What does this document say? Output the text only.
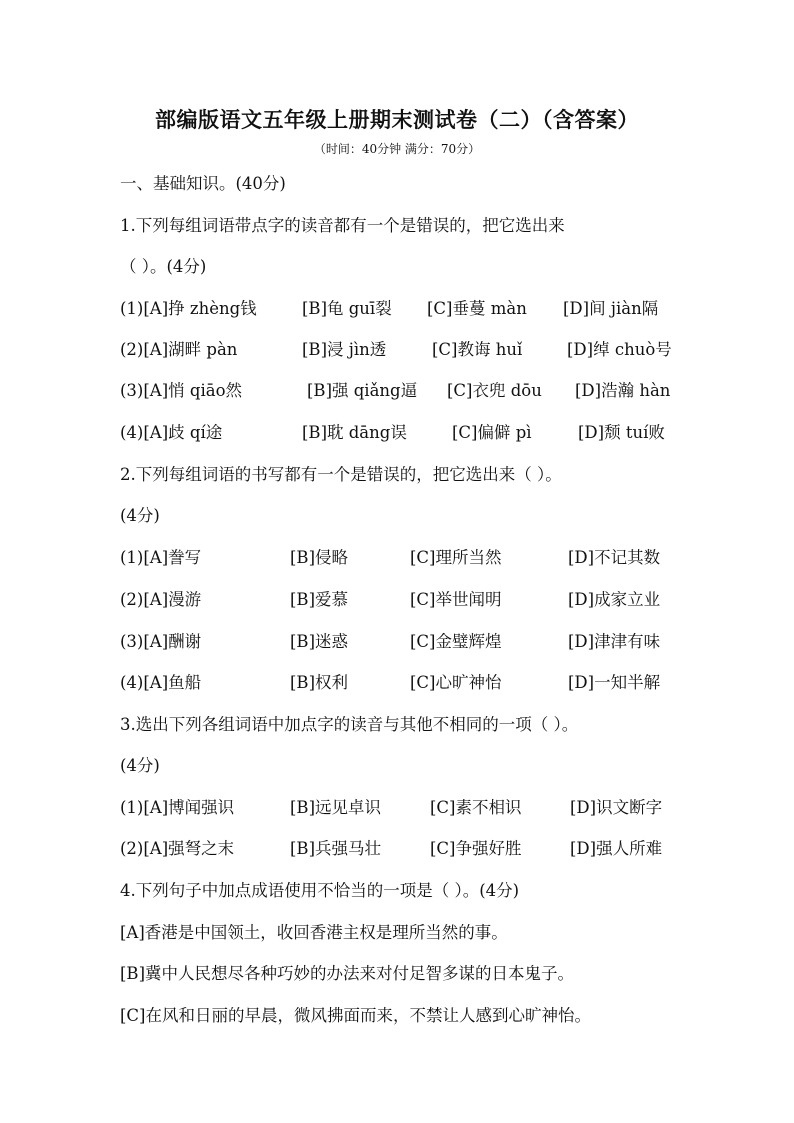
部编版语文五年级上册期末测试卷（二）（含答案）
（时间：40分钟 满分：70分）
一、基础知识。(40分)
1.下列每组词语带点字的读音都有一个是错误的，把它选出来
（ ）。(4分)
(1)[A]挣 zhèng钱	[B]龟 guī裂 [C]垂蔓 màn [D]间 jiàn隔
(2)[A]湖畔 pàn	[B]浸 jìn透	[C]教诲 huǐ	[D]绰 chuò号
(3)[A]悄 qiāo然	[B]强 qiǎng逼 [C]衣兜 dōu [D]浩瀚 hàn
(4)[A]歧 qí途	[B]耽 dāng误	[C]偏僻 pì	[D]颓 tuí败
2.下列每组词语的书写都有一个是错误的，把它选出来（ ）。
(4分)
(1)[A]誊写	[B]侵略	[C]理所当然	[D]不记其数
(2)[A]漫游	[B]爱慕	[C]举世闻明	[D]成家立业
(3)[A]酬谢	[B]迷惑	[C]金璧辉煌	[D]津津有味
(4)[A]鱼船	[B]权利	[C]心旷神怡	[D]一知半解
3.选出下列各组词语中加点字的读音与其他不相同的一项（ ）。
(4分)
(1)[A]博闻强识	[B]远见卓识	[C]素不相识	[D]识文断字
(2)[A]强弩之末	[B]兵强马壮	[C]争强好胜	[D]强人所难
4.下列句子中加点成语使用不恰当的一项是（ ）。(4分)
[A]香港是中国领土，收回香港主权是理所当然的事。
[B]冀中人民想尽各种巧妙的办法来对付足智多谋的日本鬼子。
[C]在风和日丽的早晨，微风拂面而来，不禁让人感到心旷神怡。
